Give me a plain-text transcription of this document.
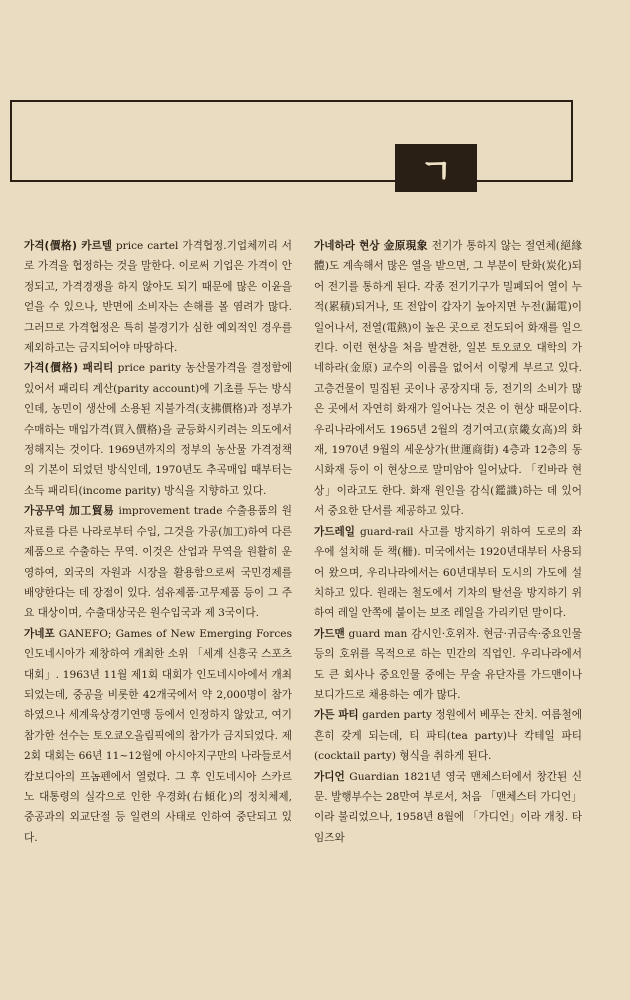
ㄱ

가격(價格) 카르텔 price cartel 가격협정.기업체끼리 서로 가격을 협정하는 것을 말한다. 이로써 기업은 가격이 안정되고, 가격경쟁을 하지 않아도 되기 때문에 많은 이윤을 얻을 수 있으나, 반면에 소비자는 손해를 볼 염려가 많다. 그러므로 가격협정은 특히 불경기가 심한 예외적인 경우를 제외하고는 금지되어야 마땅하다.

가격(價格) 패리티 price parity 농산물가격을 결정함에 있어서 패리티 계산(parity account)에 기초를 두는 방식인데, 농민이 생산에 소용된 지불가격(支拂價格)과 정부가 수매하는 매입가격(買入價格)을 균등화시키려는 의도에서 정해지는 것이다. 1969년까지의 정부의 농산물 가격정책의 기본이 되었던 방식인데, 1970년도 추곡매입 때부터는 소득 패리티(income parity) 방식을 지향하고 있다.

가공무역 加工貿易 improvement trade 수출용품의 원자료를 다른 나라로부터 수입, 그것을 가공(加工)하여 다른 제품으로 수출하는 무역. 이것은 산업과 무역을 원활히 운영하여, 외국의 자원과 시장을 활용함으로써 국민경제를 배양한다는 데 장점이 있다. 섬유제품·고무제품 등이 그 주요 대상이며, 수출대상국은 원수입국과 제 3국이다.

가네포 GANEFO; Games of New Emerging Forces 인도네시아가 제창하여 개최한 소위 「세계 신흥국 스포츠대회」. 1963년 11월 제1회 대회가 인도네시아에서 개최되었는데, 중공을 비롯한 42개국에서 약 2,000명이 참가하였으나 세계육상경기연맹 등에서 인정하지 않았고, 여기 참가한 선수는 토오쿄오올림픽에의 참가가 금지되었다. 제2회 대회는 66년 11~12월에 아시아지구만의 나라들로서 캄보디아의 프놈펜에서 열렸다. 그 후 인도네시아 스카르노 대통령의 실각으로 인한 우경화(右傾化)의 정치체제, 중공과의 외교단절 등 일련의 사태로 인하여 중단되고 있다.

가네하라 현상 金原現象 전기가 통하지 않는 절연체(絕緣體)도 계속해서 많은 열을 받으면, 그 부분이 탄화(炭化)되어 전기를 통하게 된다. 각종 전기기구가 밀폐되어 열이 누적(累積)되거나, 또 전압이 갑자기 높아지면 누전(漏電)이 일어나서, 전열(電熱)이 높은 곳으로 전도되어 화재를 일으킨다. 이런 현상을 처음 발견한, 일본 토오쿄오 대학의 가네하라(金原) 교수의 이름을 없어서 이렇게 부르고 있다. 고층건물이 밀집된 곳이나 공장지대 등, 전기의 소비가 많은 곳에서 자연히 화재가 일어나는 것은 이 현상 때문이다. 우리나라에서도 1965년 2월의 경기여고(京畿女高)의 화재, 1970년 9월의 세운상가(世運商街) 4층과 12층의 동시화재 등이 이 현상으로 말미암아 일어났다. 「킨바라 현상」이라고도 한다. 화재 원인을 감식(鑑識)하는 데 있어서 중요한 단서를 제공하고 있다.

가드레일 guard-rail 사고를 방지하기 위하여 도로의 좌우에 설치해 둔 책(柵). 미국에서는 1920년대부터 사용되어 왔으며, 우리나라에서는 60년대부터 도시의 가도에 설치하고 있다. 원래는 철도에서 기차의 탈선을 방지하기 위하여 레일 안쪽에 붙이는 보조 레일을 가리키던 말이다.

가드맨 guard man 감시인·호위자. 현금·귀금속·중요인물 등의 호위를 목적으로 하는 민간의 직업인. 우리나라에서도 큰 회사나 중요인물 중에는 무술 유단자를 가드맨이나 보디가드로 채용하는 예가 많다.

가든 파티 garden party 정원에서 베푸는 잔치. 여름철에 흔히 갖게 되는데, 티 파티(tea party)나 칵테일 파티(cocktail party) 형식을 취하게 된다.

가디언 Guardian 1821년 영국 맨체스터에서 창간된 신문. 발행부수는 28만여 부로서, 처음 「맨체스터 가디언」이라 불리었으나, 1958년 8월에 「가디언」이라 개칭. 타임즈와
